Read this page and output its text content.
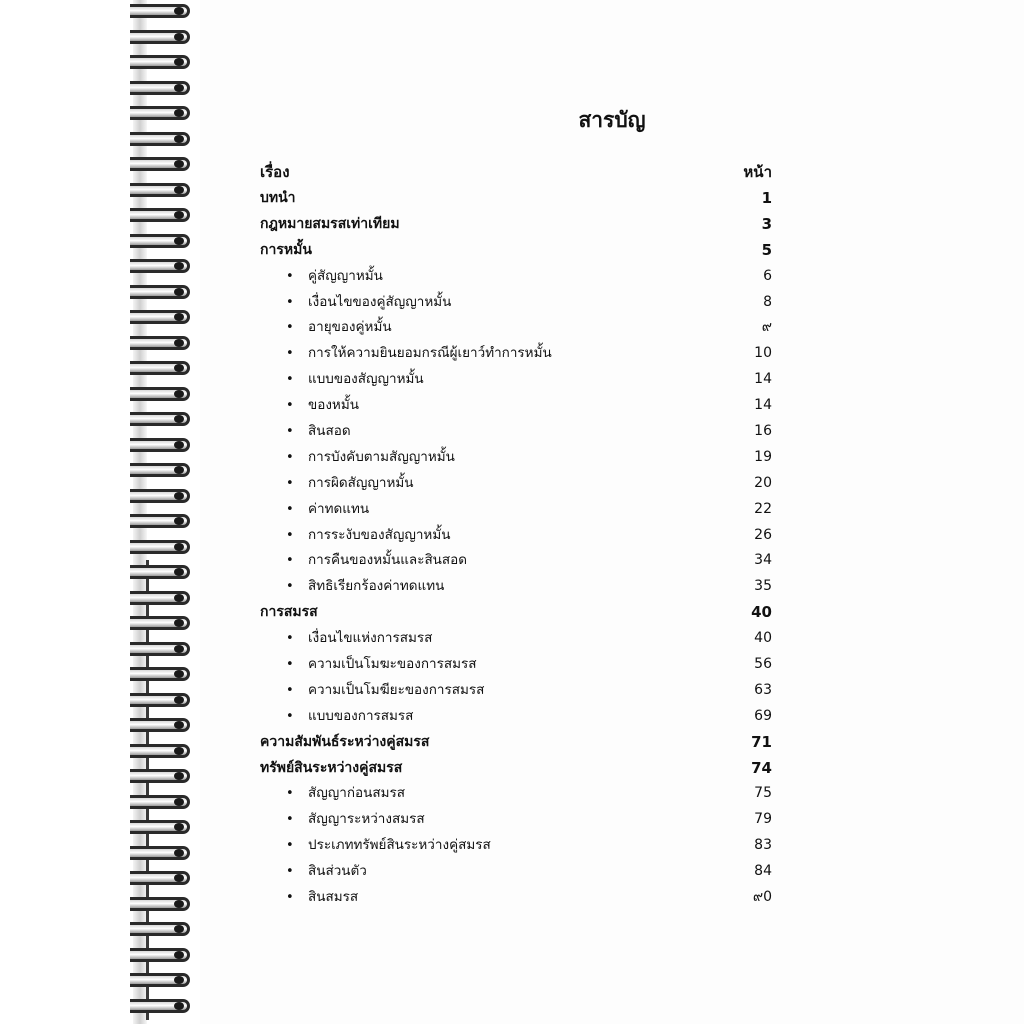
สารบัญ
เรื่อง	หน้า
บทนำ	1
กฎหมายสมรสเท่าเทียม	3
การหมั้น	5
• คู่สัญญาหมั้น	6
• เงื่อนไขของคู่สัญญาหมั้น	8
• อายุของคู่หมั้น	๙
• การให้ความยินยอมกรณีผู้เยาว์ทำการหมั้น	10
• แบบของสัญญาหมั้น	14
• ของหมั้น	14
• สินสอด	16
• การบังคับตามสัญญาหมั้น	19
• การผิดสัญญาหมั้น	20
• ค่าทดแทน	22
• การระงับของสัญญาหมั้น	26
• การคืนของหมั้นและสินสอด	34
• สิทธิเรียกร้องค่าทดแทน	35
การสมรส	40
• เงื่อนไขแห่งการสมรส	40
• ความเป็นโมฆะของการสมรส	56
• ความเป็นโมฆียะของการสมรส	63
• แบบของการสมรส	69
ความสัมพันธ์ระหว่างคู่สมรส	71
ทรัพย์สินระหว่างคู่สมรส	74
• สัญญาก่อนสมรส	75
• สัญญาระหว่างสมรส	79
• ประเภททรัพย์สินระหว่างคู่สมรส	83
• สินส่วนตัว	84
• สินสมรส	๙0
